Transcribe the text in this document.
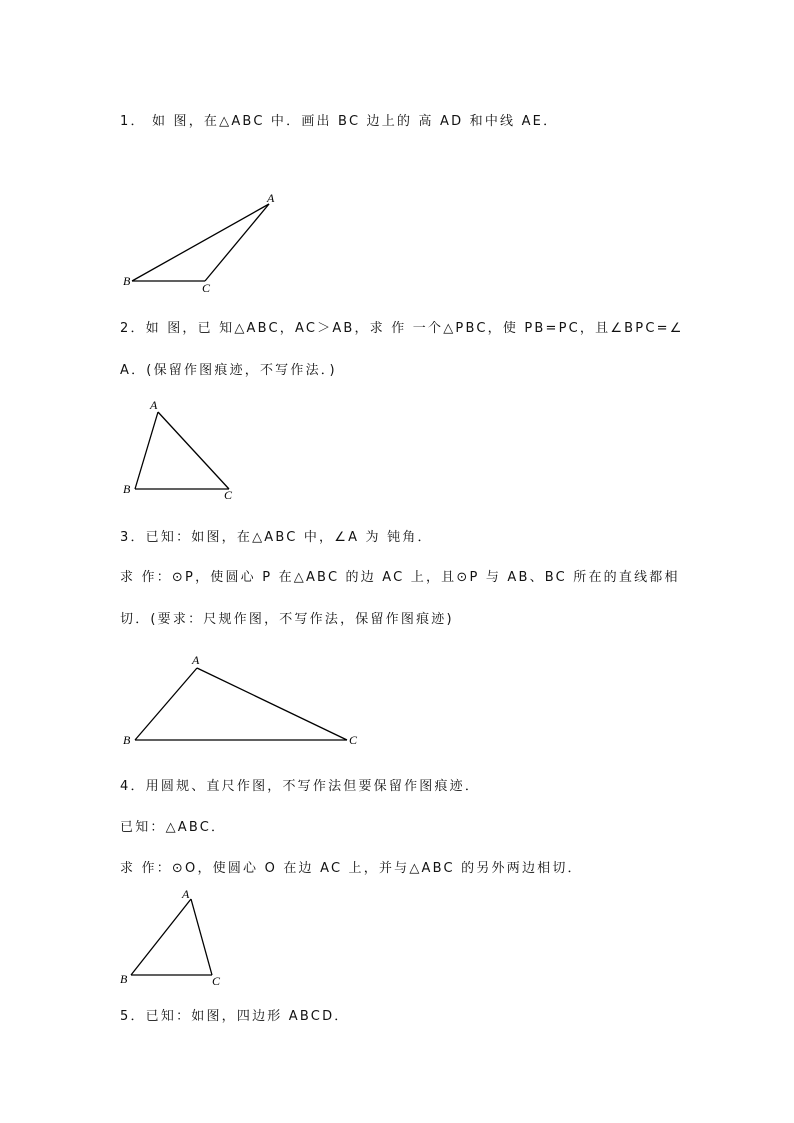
1． 如 图，在△ABC 中．画出 BC 边上的 高 AD 和中线 AE．
A
B	C
2．如 图，已 知△ABC，AC＞AB，求 作 一个△PBC，使 PB=PC，且∠BPC=∠
A．(保留作图痕迹，不写作法．)
A
B	C
3．已知：如图，在△ABC 中，∠A 为 钝角．
求 作：⊙P，使圆心 P 在△ABC 的边 AC 上，且⊙P 与 AB、BC 所在的直线都相
切．(要求：尺规作图，不写作法，保留作图痕迹)
A
B	C
4．用圆规、直尺作图，不写作法但要保留作图痕迹．
已知：△ABC．
求 作：⊙O，使圆心 O 在边 AC 上，并与△ABC 的另外两边相切．
A
B	C
5．已知：如图，四边形 ABCD．
